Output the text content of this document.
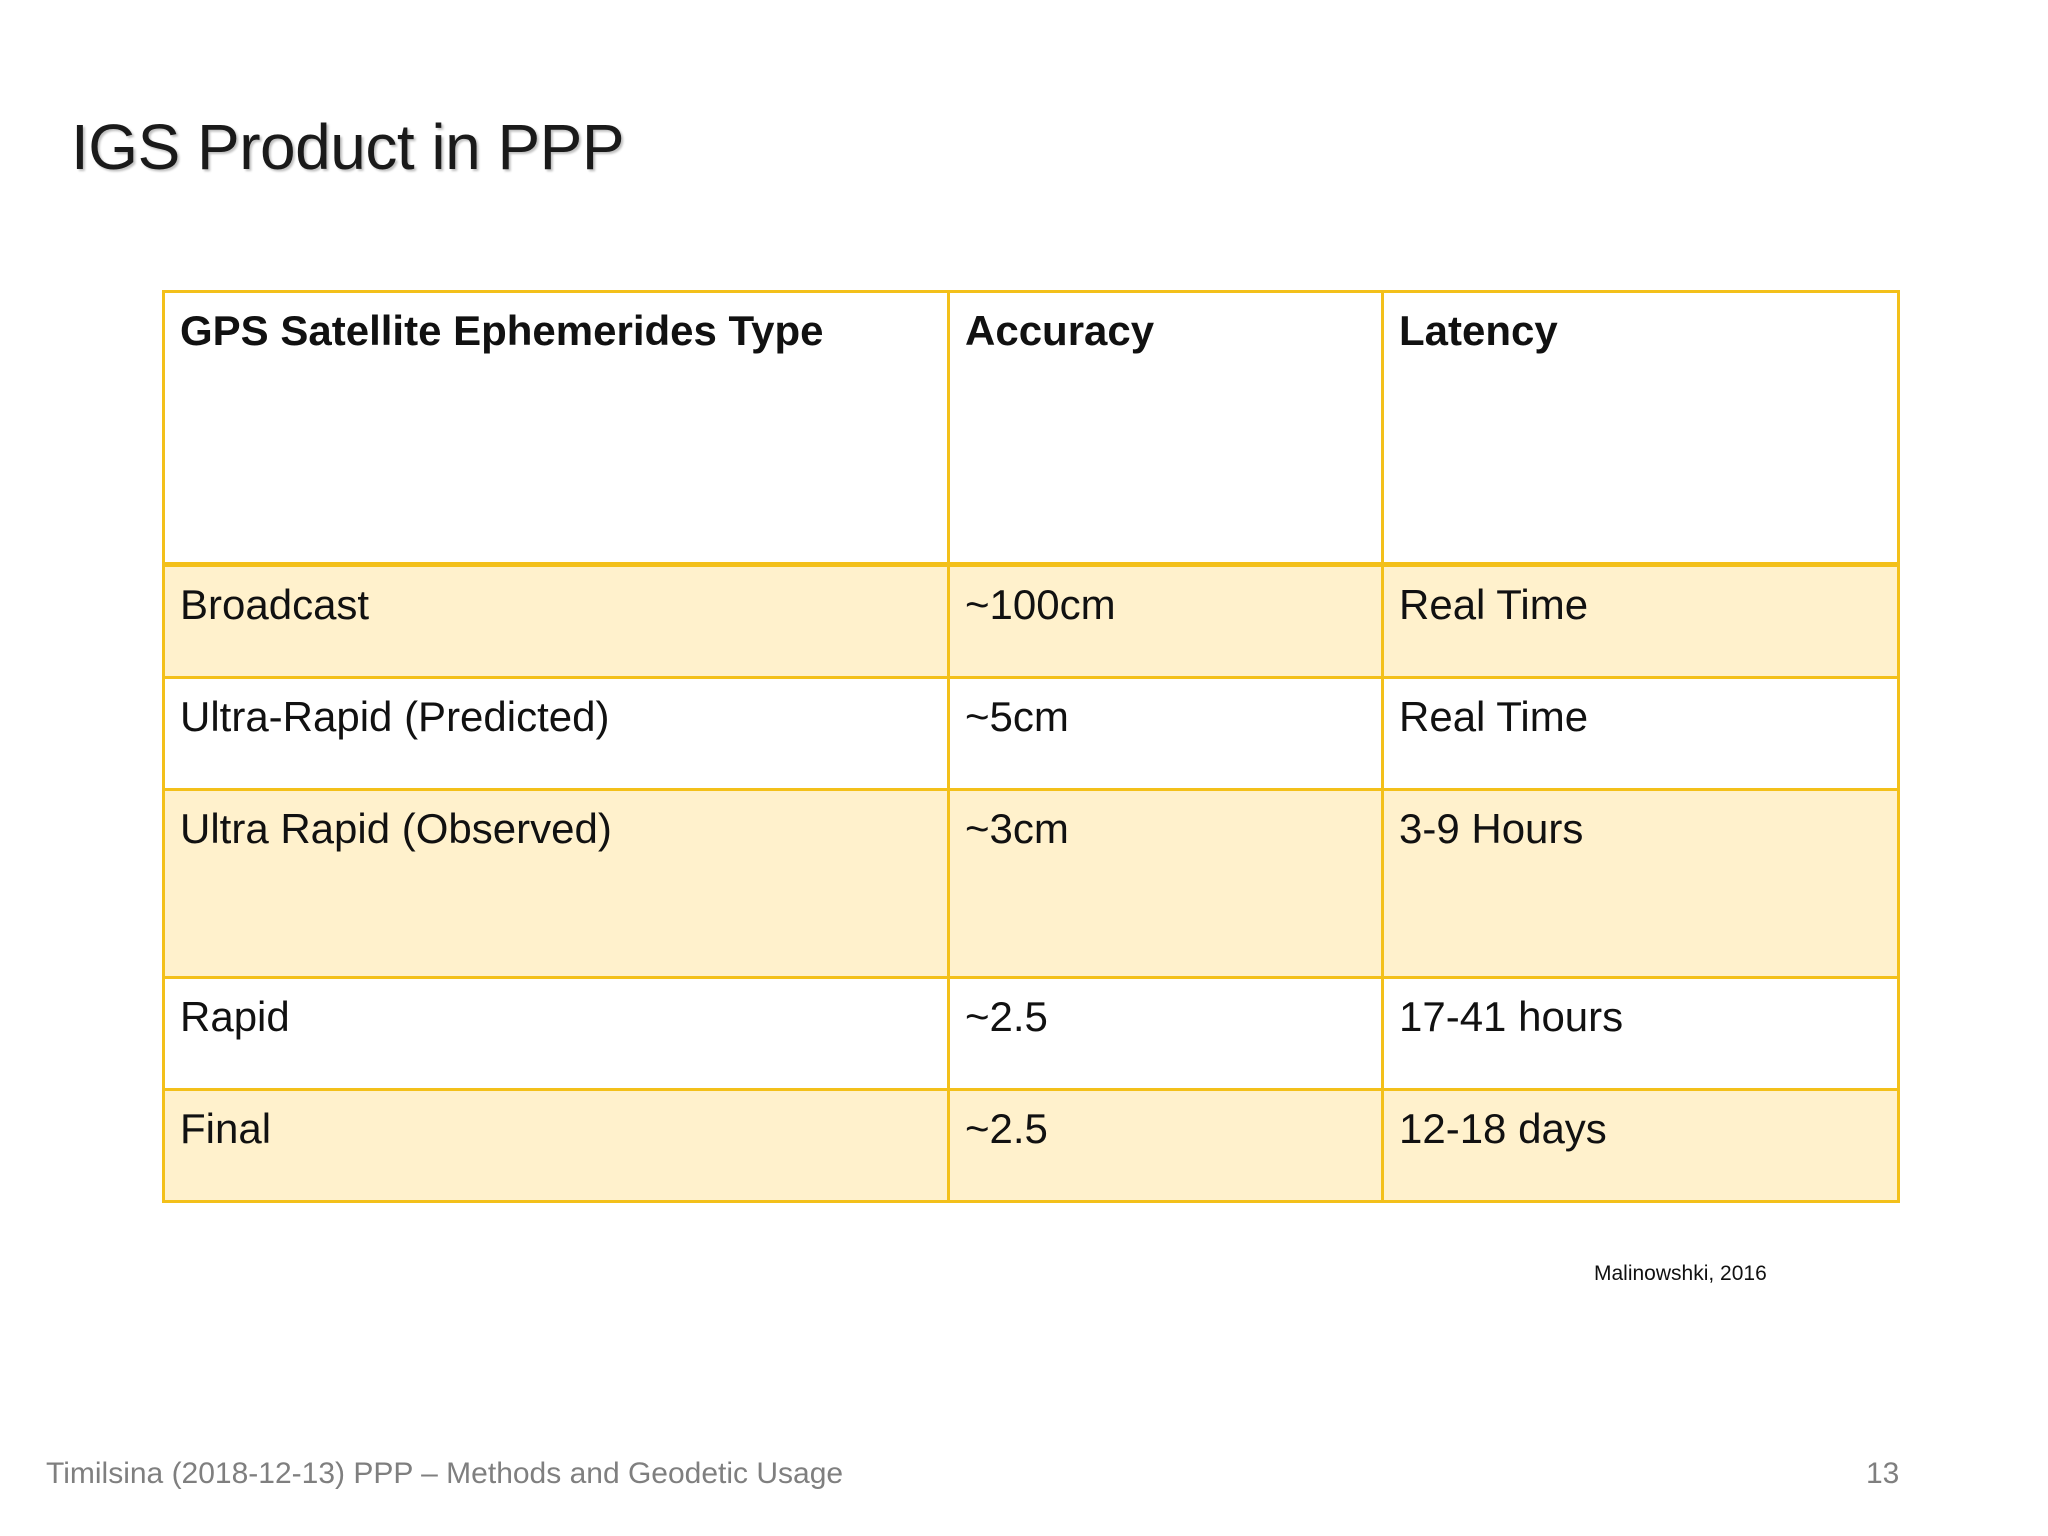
IGS Product in PPP
GPS Satellite Ephemerides Type	Accuracy	Latency
Broadcast	~100cm	Real Time
Ultra-Rapid (Predicted)	~5cm	Real Time
Ultra Rapid (Observed)	~3cm	3-9 Hours
Rapid	~2.5	17-41 hours
Final	~2.5	12-18 days
Malinowshki, 2016
Timilsina (2018-12-13) PPP – Methods and Geodetic Usage	13
